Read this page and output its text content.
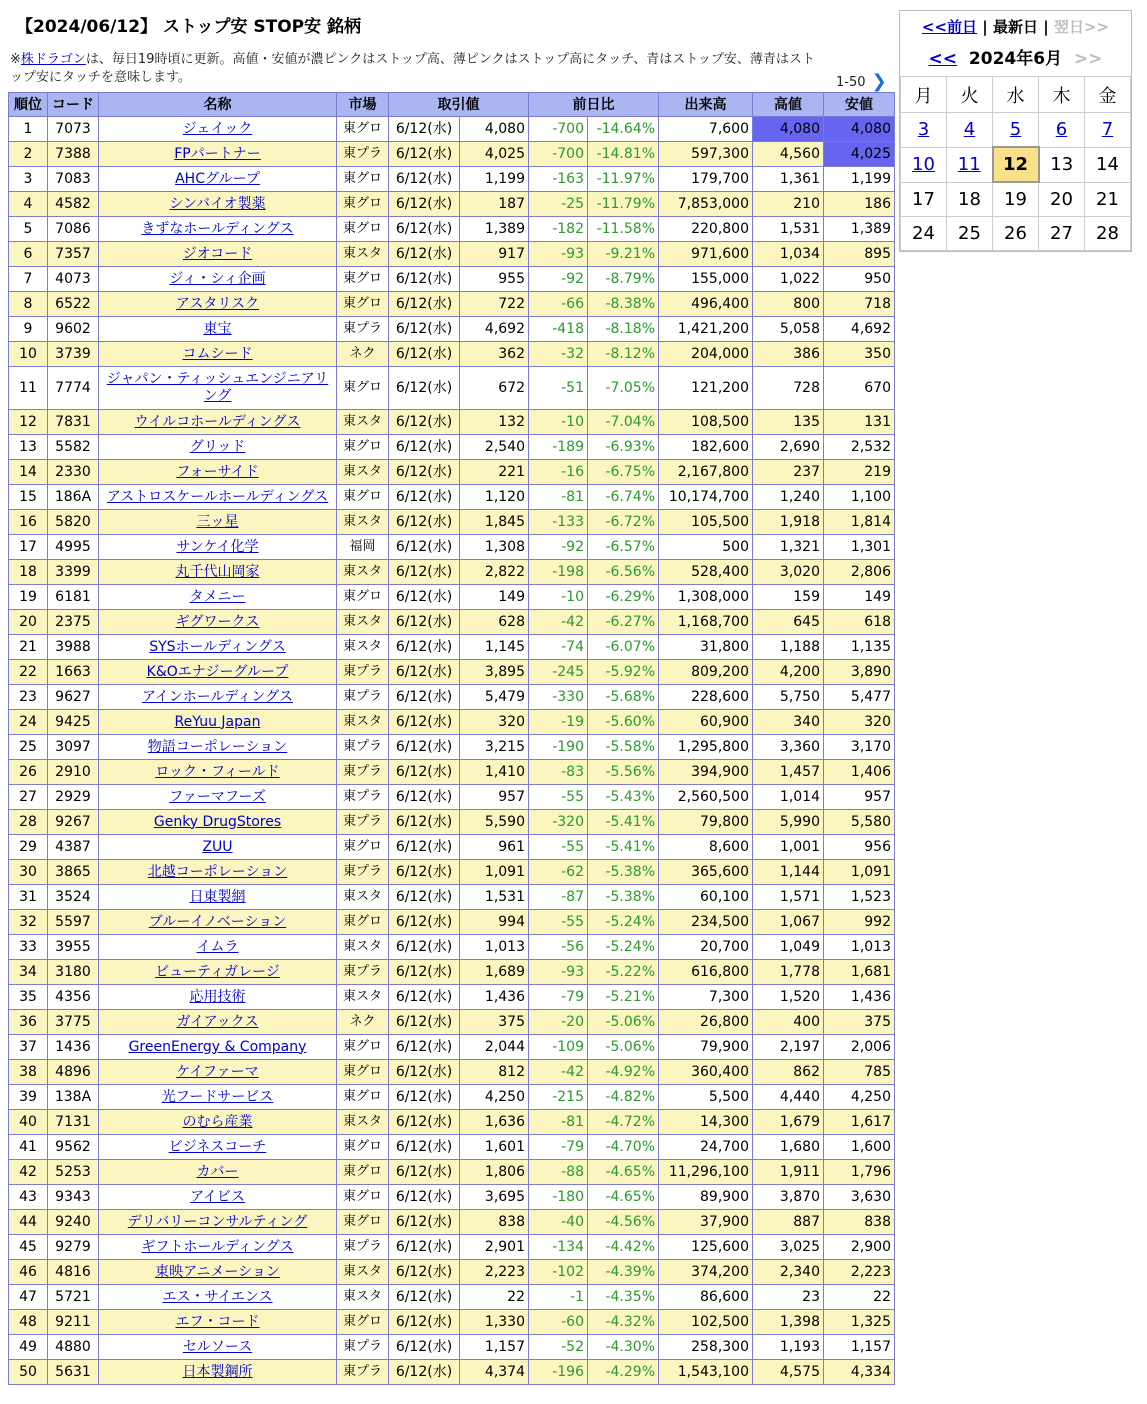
【2024/06/12】 ストップ安 STOP安 銘柄
※株ドラゴンは、毎日19時頃に更新。高値・安値が濃ピンクはストップ高、薄ピンクはストップ高にタッチ、青はストップ安、薄青はストップ安にタッチを意味します。	1-50 ❯
順位	コード	名称	市場	取引値		前日比		出来高	高値	安値
1	7073	ジェイック	東グロ	6/12(水)	4,080	-700	-14.64%	7,600	4,080	4,080
2	7388	FPパートナー	東プラ	6/12(水)	4,025	-700	-14.81%	597,300	4,560	4,025
3	7083	AHCグループ	東グロ	6/12(水)	1,199	-163	-11.97%	179,700	1,361	1,199
4	4582	シンバイオ製薬	東グロ	6/12(水)	187	-25	-11.79%	7,853,000	210	186
5	7086	きずなホールディングス	東グロ	6/12(水)	1,389	-182	-11.58%	220,800	1,531	1,389
6	7357	ジオコード	東スタ	6/12(水)	917	-93	-9.21%	971,600	1,034	895
7	4073	ジィ・シィ企画	東グロ	6/12(水)	955	-92	-8.79%	155,000	1,022	950
8	6522	アスタリスク	東グロ	6/12(水)	722	-66	-8.38%	496,400	800	718
9	9602	東宝	東プラ	6/12(水)	4,692	-418	-8.18%	1,421,200	5,058	4,692
10	3739	コムシード	ネク	6/12(水)	362	-32	-8.12%	204,000	386	350
11	7774	ジャパン・ティッシュエンジニアリング	東グロ	6/12(水)	672	-51	-7.05%	121,200	728	670
12	7831	ウイルコホールディングス	東スタ	6/12(水)	132	-10	-7.04%	108,500	135	131
13	5582	グリッド	東グロ	6/12(水)	2,540	-189	-6.93%	182,600	2,690	2,532
14	2330	フォーサイド	東スタ	6/12(水)	221	-16	-6.75%	2,167,800	237	219
15	186A	アストロスケールホールディングス	東グロ	6/12(水)	1,120	-81	-6.74%	10,174,700	1,240	1,100
16	5820	三ッ星	東スタ	6/12(水)	1,845	-133	-6.72%	105,500	1,918	1,814
17	4995	サンケイ化学	福岡	6/12(水)	1,308	-92	-6.57%	500	1,321	1,301
18	3399	丸千代山岡家	東スタ	6/12(水)	2,822	-198	-6.56%	528,400	3,020	2,806
19	6181	タメニー	東グロ	6/12(水)	149	-10	-6.29%	1,308,000	159	149
20	2375	ギグワークス	東スタ	6/12(水)	628	-42	-6.27%	1,168,700	645	618
21	3988	SYSホールディングス	東スタ	6/12(水)	1,145	-74	-6.07%	31,800	1,188	1,135
22	1663	K&Oエナジーグループ	東プラ	6/12(水)	3,895	-245	-5.92%	809,200	4,200	3,890
23	9627	アインホールディングス	東プラ	6/12(水)	5,479	-330	-5.68%	228,600	5,750	5,477
24	9425	ReYuu Japan	東スタ	6/12(水)	320	-19	-5.60%	60,900	340	320
25	3097	物語コーポレーション	東プラ	6/12(水)	3,215	-190	-5.58%	1,295,800	3,360	3,170
26	2910	ロック・フィールド	東プラ	6/12(水)	1,410	-83	-5.56%	394,900	1,457	1,406
27	2929	ファーマフーズ	東プラ	6/12(水)	957	-55	-5.43%	2,560,500	1,014	957
28	9267	Genky DrugStores	東プラ	6/12(水)	5,590	-320	-5.41%	79,800	5,990	5,580
29	4387	ZUU	東グロ	6/12(水)	961	-55	-5.41%	8,600	1,001	956
30	3865	北越コーポレーション	東プラ	6/12(水)	1,091	-62	-5.38%	365,600	1,144	1,091
31	3524	日東製網	東スタ	6/12(水)	1,531	-87	-5.38%	60,100	1,571	1,523
32	5597	ブルーイノベーション	東グロ	6/12(水)	994	-55	-5.24%	234,500	1,067	992
33	3955	イムラ	東スタ	6/12(水)	1,013	-56	-5.24%	20,700	1,049	1,013
34	3180	ビューティガレージ	東プラ	6/12(水)	1,689	-93	-5.22%	616,800	1,778	1,681
35	4356	応用技術	東スタ	6/12(水)	1,436	-79	-5.21%	7,300	1,520	1,436
36	3775	ガイアックス	ネク	6/12(水)	375	-20	-5.06%	26,800	400	375
37	1436	GreenEnergy & Company	東グロ	6/12(水)	2,044	-109	-5.06%	79,900	2,197	2,006
38	4896	ケイファーマ	東グロ	6/12(水)	812	-42	-4.92%	360,400	862	785
39	138A	光フードサービス	東グロ	6/12(水)	4,250	-215	-4.82%	5,500	4,440	4,250
40	7131	のむら産業	東スタ	6/12(水)	1,636	-81	-4.72%	14,300	1,679	1,617
41	9562	ビジネスコーチ	東グロ	6/12(水)	1,601	-79	-4.70%	24,700	1,680	1,600
42	5253	カバー	東グロ	6/12(水)	1,806	-88	-4.65%	11,296,100	1,911	1,796
43	9343	アイビス	東グロ	6/12(水)	3,695	-180	-4.65%	89,900	3,870	3,630
44	9240	デリバリーコンサルティング	東グロ	6/12(水)	838	-40	-4.56%	37,900	887	838
45	9279	ギフトホールディングス	東プラ	6/12(水)	2,901	-134	-4.42%	125,600	3,025	2,900
46	4816	東映アニメーション	東スタ	6/12(水)	2,223	-102	-4.39%	374,200	2,340	2,223
47	5721	エス・サイエンス	東スタ	6/12(水)	22	-1	-4.35%	86,600	23	22
48	9211	エフ・コード	東グロ	6/12(水)	1,330	-60	-4.32%	102,500	1,398	1,325
49	4880	セルソース	東プラ	6/12(水)	1,157	-52	-4.30%	258,300	1,193	1,157
50	5631	日本製鋼所	東プラ	6/12(水)	4,374	-196	-4.29%	1,543,100	4,575	4,334
<<前日 | 最新日 | 翌日>>
<< 2024年6月 >>
月	火	水	木	金
3	4	5	6	7
10	11	12	13	14
17	18	19	20	21
24	25	26	27	28
